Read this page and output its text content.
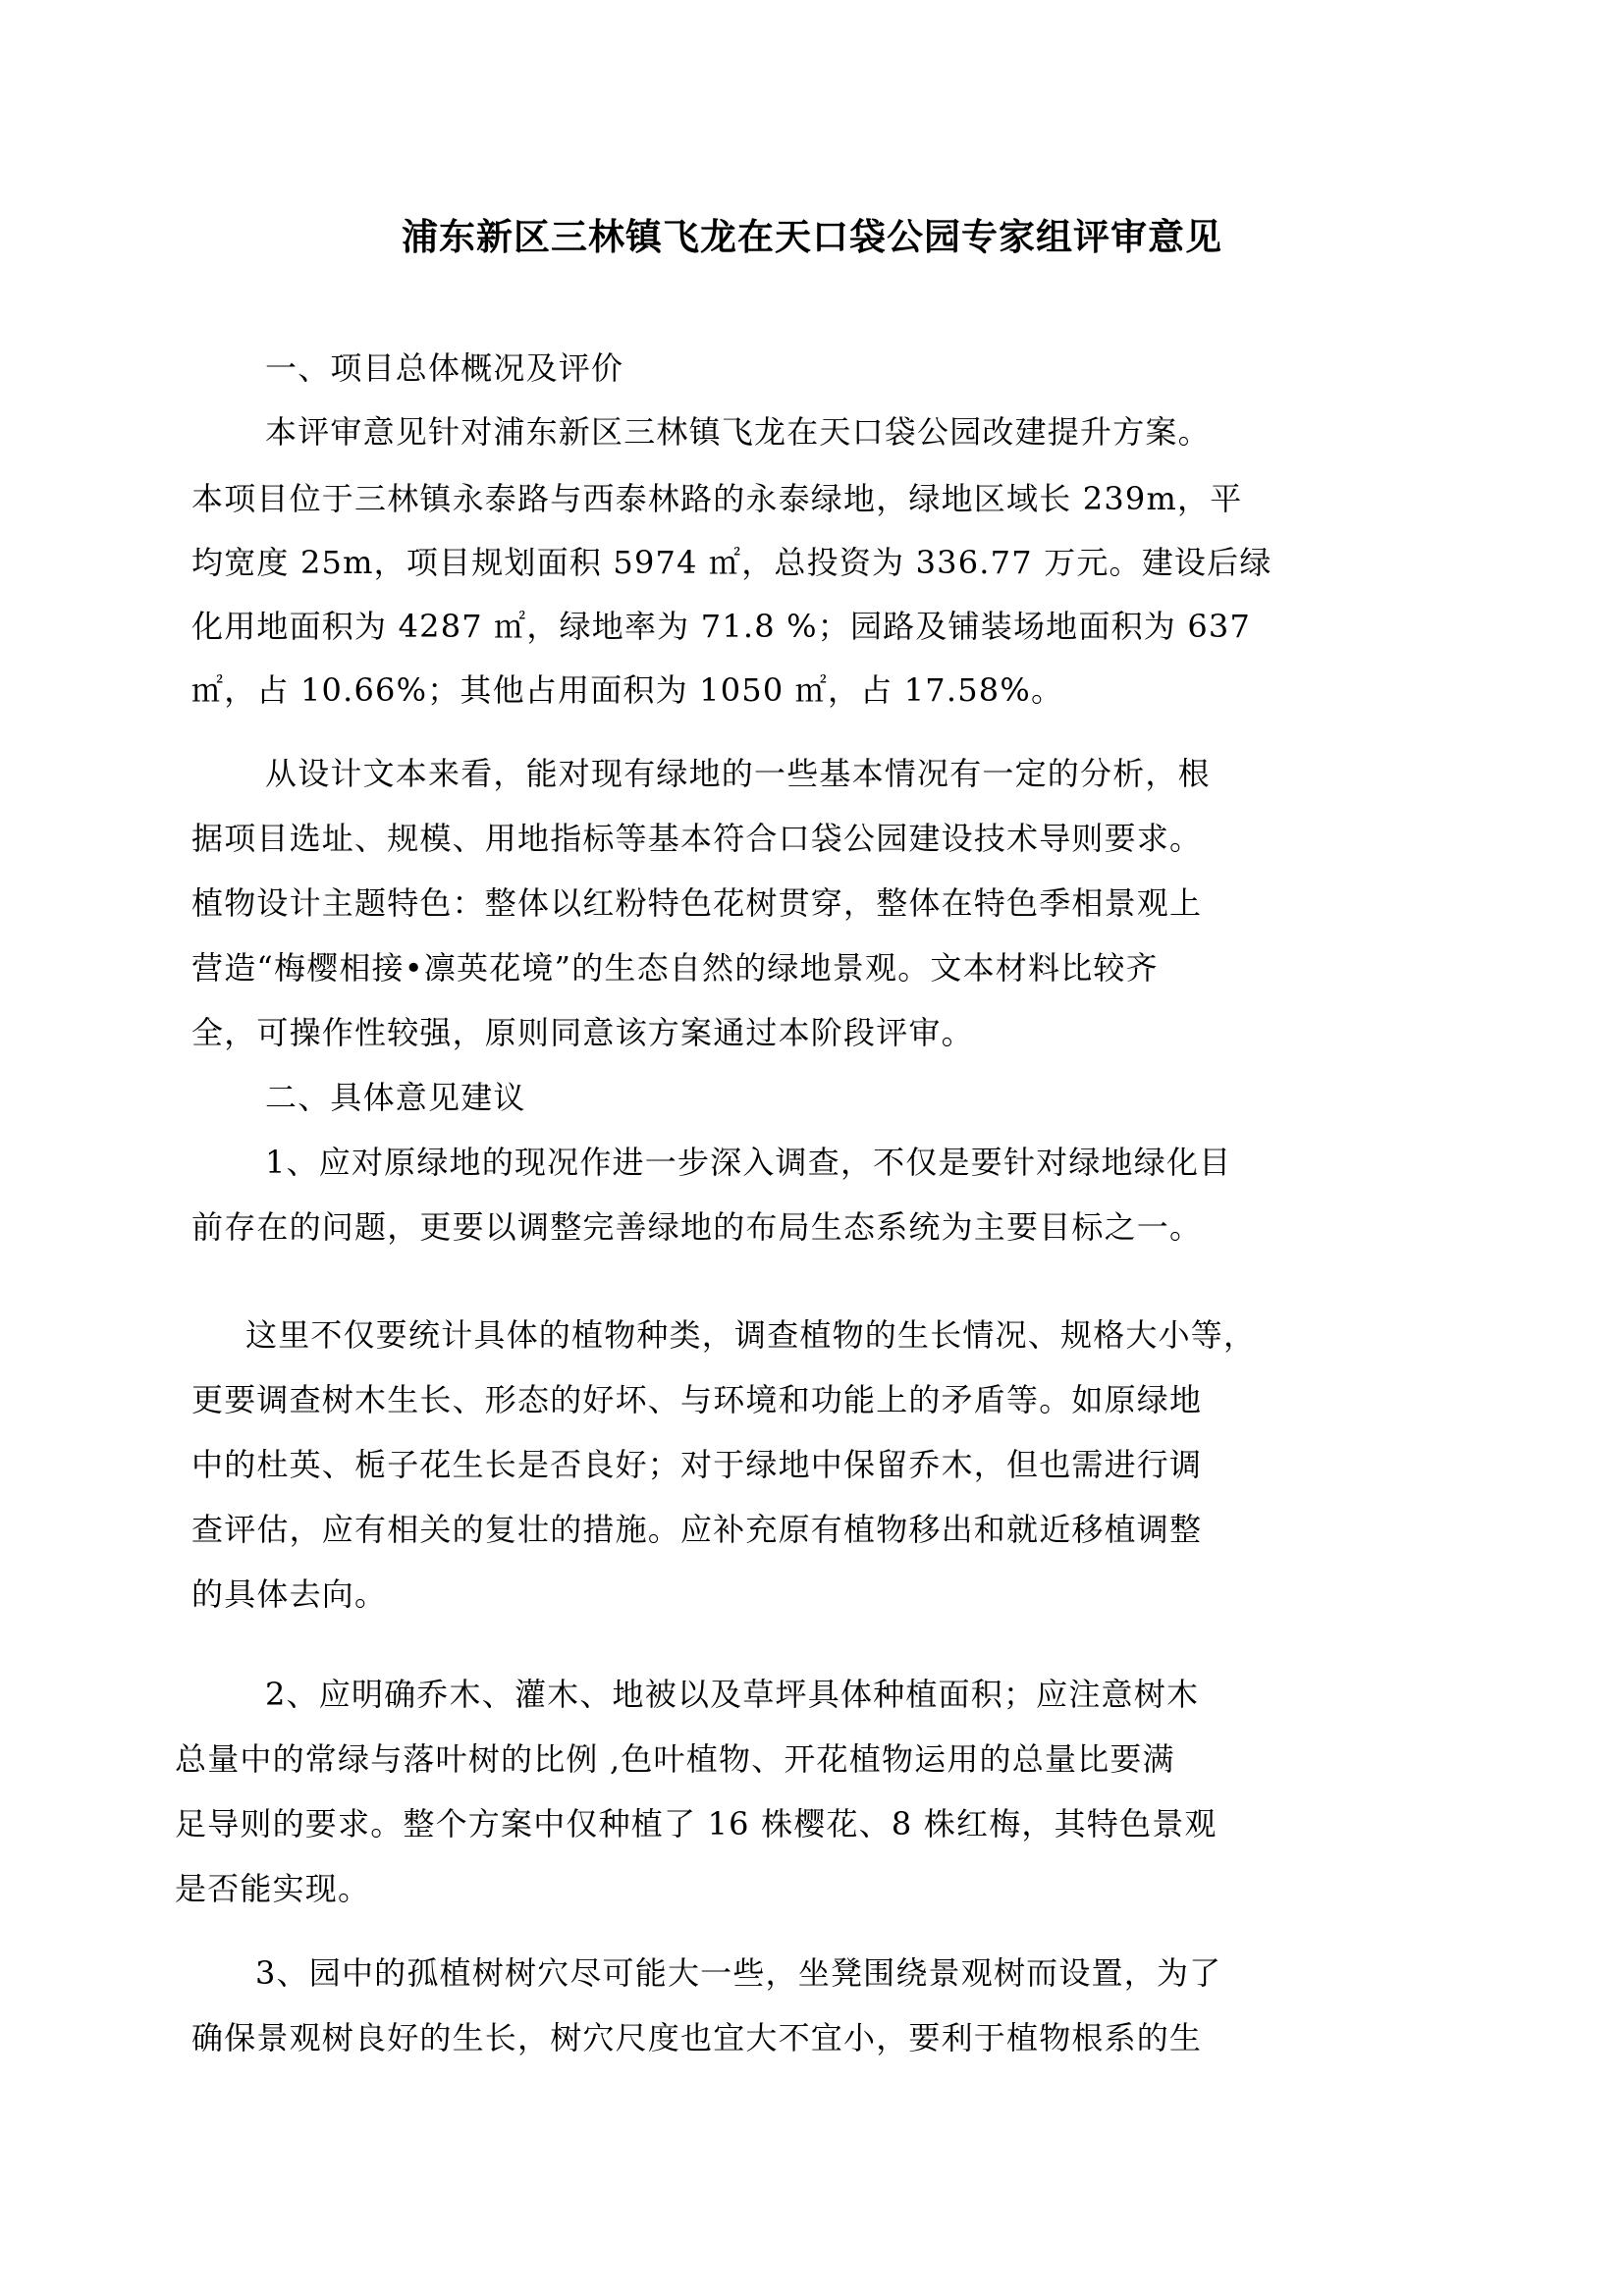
浦东新区三林镇飞龙在天口袋公园专家组评审意见
一、项目总体概况及评价
本评审意见针对浦东新区三林镇飞龙在天口袋公园改建提升方案。
本项目位于三林镇永泰路与西泰林路的永泰绿地，绿地区域长 239m，平
均宽度 25m，项目规划面积 5974 ㎡，总投资为 336.77 万元。建设后绿
化用地面积为 4287 ㎡，绿地率为 71.8 %；园路及铺装场地面积为 637
㎡，占 10.66%；其他占用面积为 1050 ㎡，占 17.58%。
从设计文本来看，能对现有绿地的一些基本情况有一定的分析，根
据项目选址、规模、用地指标等基本符合口袋公园建设技术导则要求。
植物设计主题特色：整体以红粉特色花树贯穿，整体在特色季相景观上
营造“梅樱相接•凛英花境”的生态自然的绿地景观。文本材料比较齐
全，可操作性较强，原则同意该方案通过本阶段评审。
二、具体意见建议
1、应对原绿地的现况作进一步深入调查，不仅是要针对绿地绿化目
前存在的问题，更要以调整完善绿地的布局生态系统为主要目标之一。
这里不仅要统计具体的植物种类，调查植物的生长情况、规格大小等，
更要调查树木生长、形态的好坏、与环境和功能上的矛盾等。如原绿地
中的杜英、栀子花生长是否良好；对于绿地中保留乔木，但也需进行调
查评估，应有相关的复壮的措施。应补充原有植物移出和就近移植调整
的具体去向。
2、应明确乔木、灌木、地被以及草坪具体种植面积；应注意树木
总量中的常绿与落叶树的比例 ,色叶植物、开花植物运用的总量比要满
足导则的要求。整个方案中仅种植了 16 株樱花、8 株红梅，其特色景观
是否能实现。
3、园中的孤植树树穴尽可能大一些，坐凳围绕景观树而设置，为了
确保景观树良好的生长，树穴尺度也宜大不宜小，要利于植物根系的生
